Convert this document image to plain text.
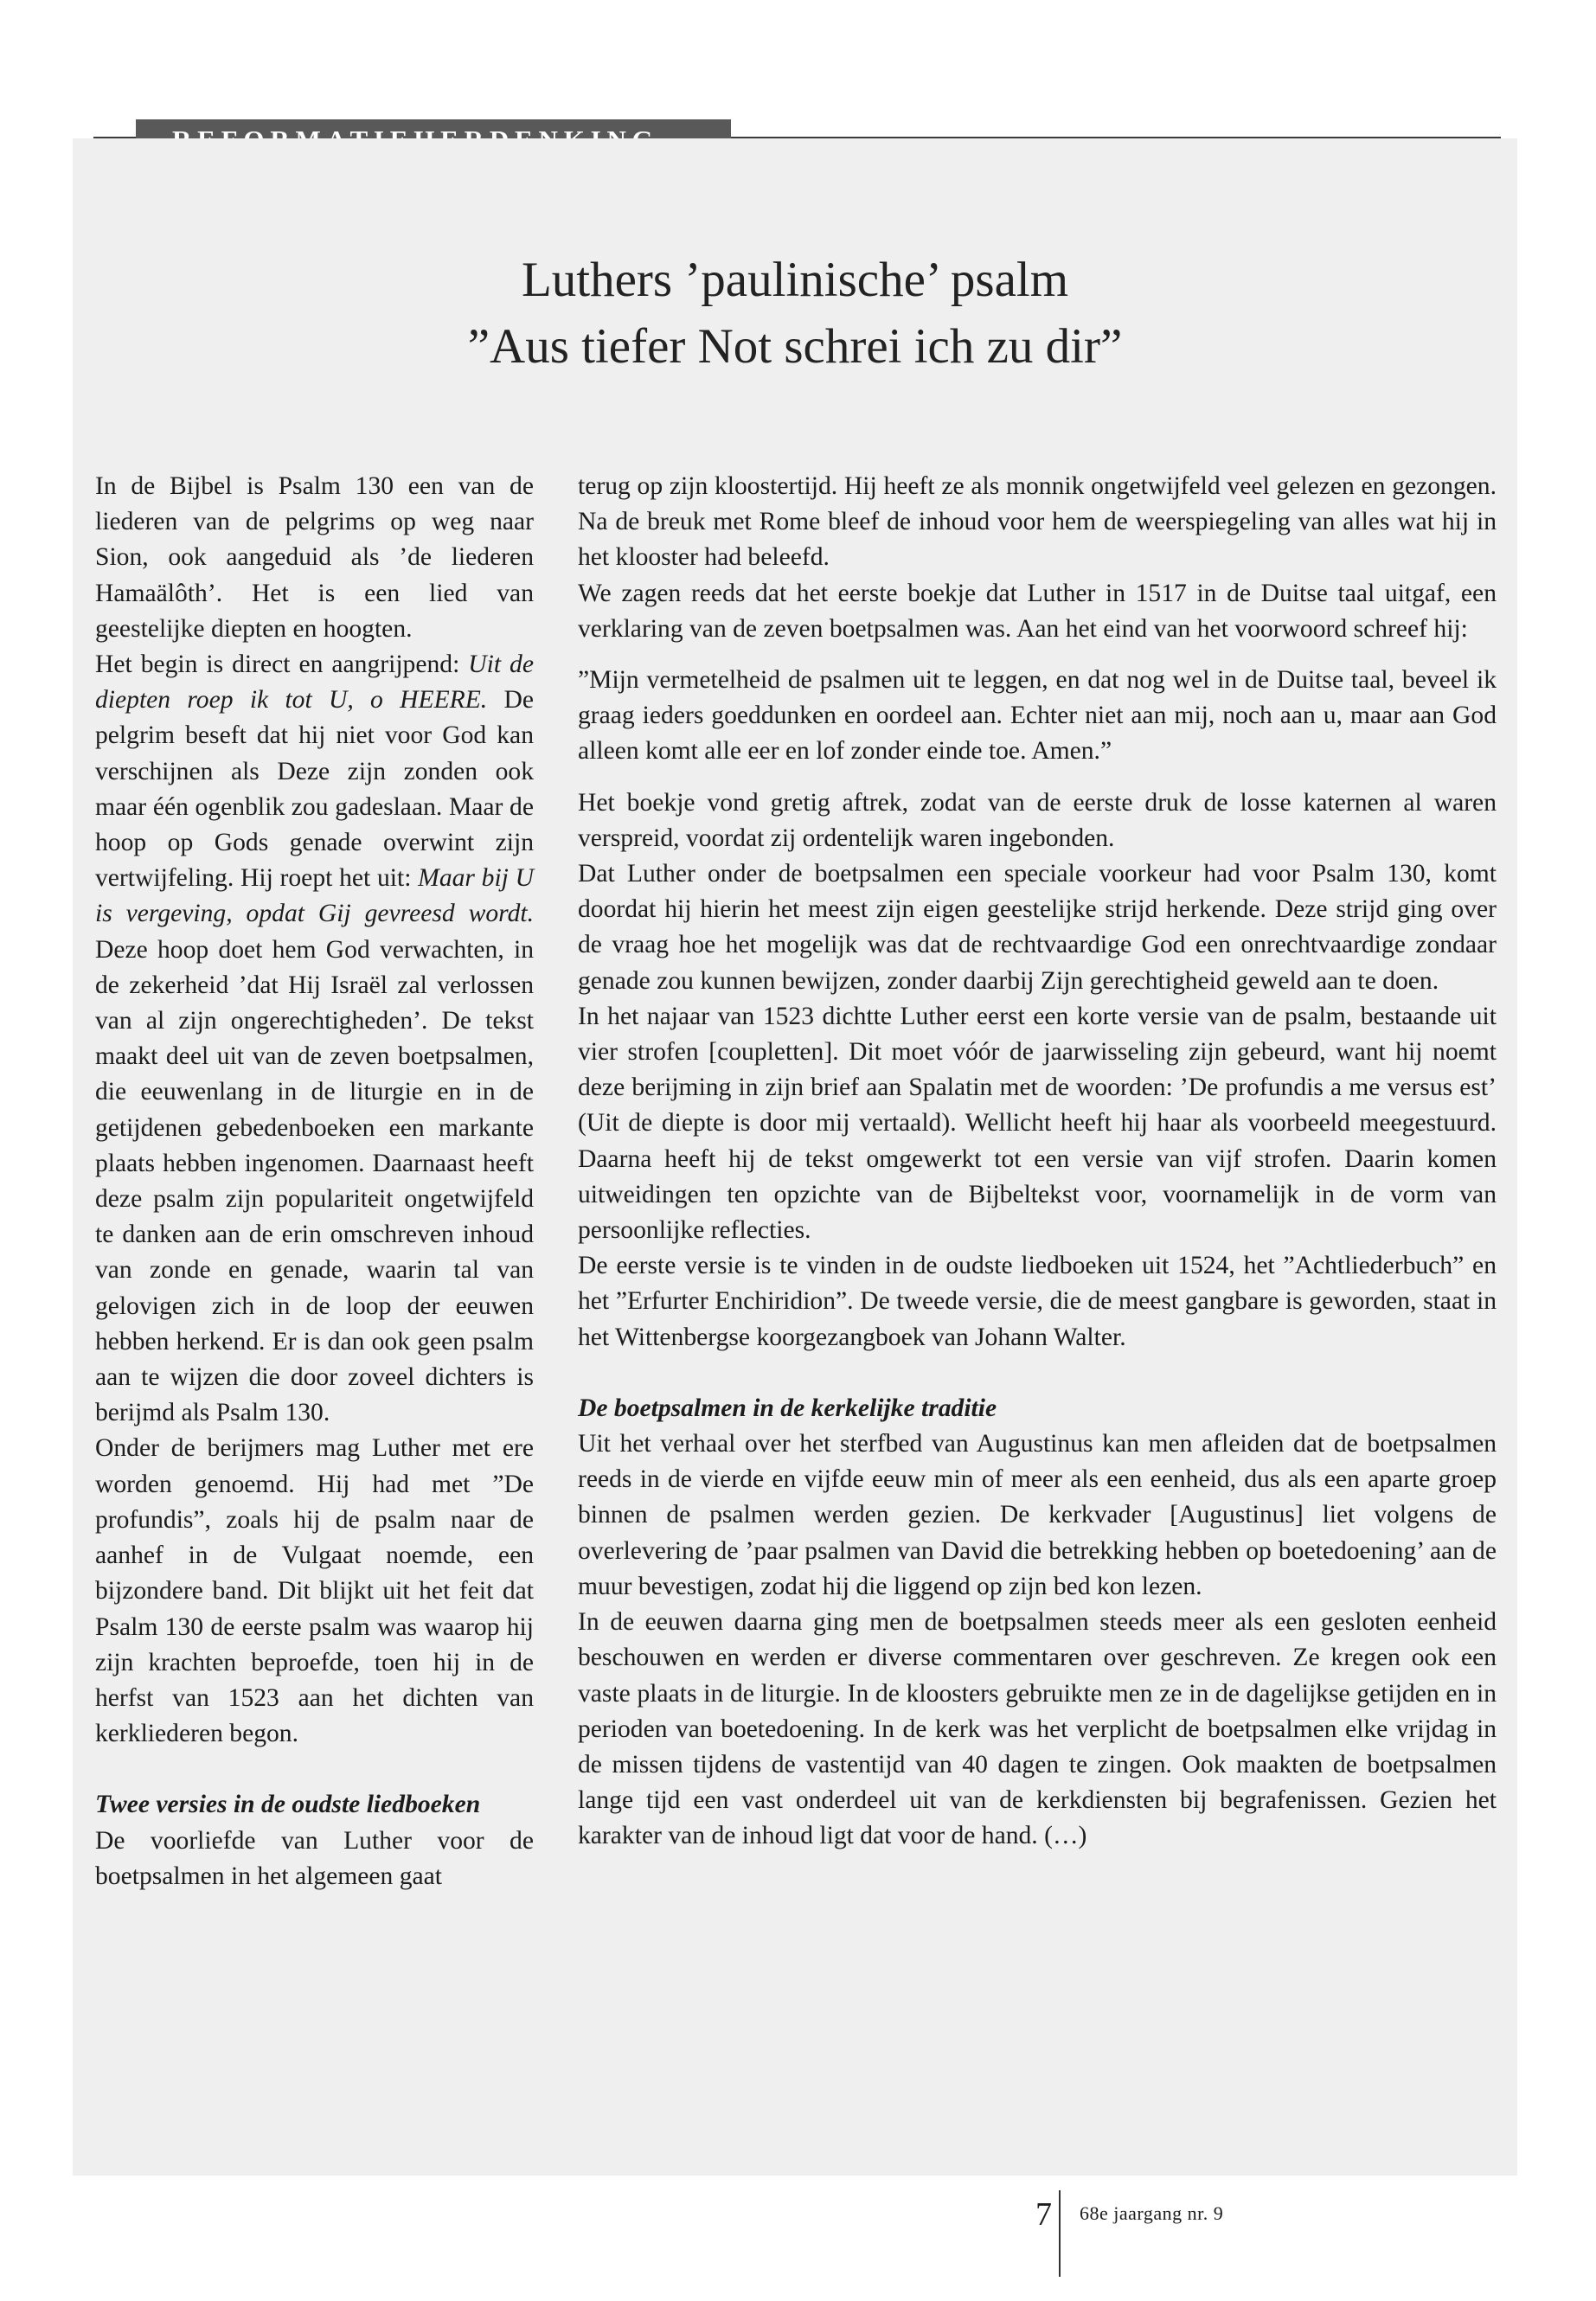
Luthers ’paulinische’ psalm
”Aus tiefer Not schrei ich zu dir”

In de Bijbel is Psalm 130 een van de liederen van de pelgrims op weg naar Sion, ook aangeduid als ’de liederen Hamaälôth’. Het is een lied van geestelijke diepten en hoogten.

Het begin is direct en aangrijpend: Uit de diepten roep ik tot U, o HEERE. De pelgrim beseft dat hij niet voor God kan verschijnen als Deze zijn zonden ook maar één ogenblik zou gadeslaan. Maar de hoop op Gods genade overwint zijn vertwijfeling. Hij roept het uit: Maar bij U is vergeving, opdat Gij gevreesd wordt. Deze hoop doet hem God verwachten, in de zekerheid ’dat Hij Israël zal verlossen van al zijn ongerechtigheden’. De tekst maakt deel uit van de zeven boetpsalmen, die eeuwenlang in de liturgie en in de getijdenen gebedenboeken een markante plaats hebben ingenomen. Daarnaast heeft deze psalm zijn populariteit ongetwijfeld te danken aan de erin omschreven inhoud van zonde en genade, waarin tal van gelovigen zich in de loop der eeuwen hebben herkend. Er is dan ook geen psalm aan te wijzen die door zoveel dichters is berijmd als Psalm 130.

Onder de berijmers mag Luther met ere worden genoemd. Hij had met ”De profundis”, zoals hij de psalm naar de aanhef in de Vulgaat noemde, een bijzondere band. Dit blijkt uit het feit dat Psalm 130 de eerste psalm was waarop hij zijn krachten beproefde, toen hij in de herfst van 1523 aan het dichten van kerkliederen begon.

Twee versies in de oudste liedboeken

De voorliefde van Luther voor de boetpsalmen in het algemeen gaat

terug op zijn kloostertijd. Hij heeft ze als monnik ongetwijfeld veel gelezen en gezongen. Na de breuk met Rome bleef de inhoud voor hem de weerspiegeling van alles wat hij in het klooster had beleefd.

We zagen reeds dat het eerste boekje dat Luther in 1517 in de Duitse taal uitgaf, een verklaring van de zeven boetpsalmen was. Aan het eind van het voorwoord schreef hij:

”Mijn vermetelheid de psalmen uit te leggen, en dat nog wel in de Duitse taal, beveel ik graag ieders goeddunken en oordeel aan. Echter niet aan mij, noch aan u, maar aan God alleen komt alle eer en lof zonder einde toe. Amen.”

Het boekje vond gretig aftrek, zodat van de eerste druk de losse katernen al waren verspreid, voordat zij ordentelijk waren ingebonden.

Dat Luther onder de boetpsalmen een speciale voorkeur had voor Psalm 130, komt doordat hij hierin het meest zijn eigen geestelijke strijd herkende. Deze strijd ging over de vraag hoe het mogelijk was dat de rechtvaardige God een onrechtvaardige zondaar genade zou kunnen bewijzen, zonder daarbij Zijn gerechtigheid geweld aan te doen.

In het najaar van 1523 dichtte Luther eerst een korte versie van de psalm, bestaande uit vier strofen [coupletten]. Dit moet vóór de jaarwisseling zijn gebeurd, want hij noemt deze berijming in zijn brief aan Spalatin met de woorden: ’De profundis a me versus est’ (Uit de diepte is door mij vertaald). Wellicht heeft hij haar als voorbeeld meegestuurd. Daarna heeft hij de tekst omgewerkt tot een versie van vijf strofen. Daarin komen uitweidingen ten opzichte van de Bijbeltekst voor, voornamelijk in de vorm van persoonlijke reflecties.

De eerste versie is te vinden in de oudste liedboeken uit 1524, het ”Achtliederbuch” en het ”Erfurter Enchiridion”. De tweede versie, die de meest gangbare is geworden, staat in het Wittenbergse koorgezangboek van Johann Walter.

De boetpsalmen in de kerkelijke traditie

Uit het verhaal over het sterfbed van Augustinus kan men afleiden dat de boetpsalmen reeds in de vierde en vijfde eeuw min of meer als een eenheid, dus als een aparte groep binnen de psalmen werden gezien. De kerkvader [Augustinus] liet volgens de overlevering de ’paar psalmen van David die betrekking hebben op boetedoening’ aan de muur bevestigen, zodat hij die liggend op zijn bed kon lezen.

In de eeuwen daarna ging men de boetpsalmen steeds meer als een gesloten eenheid beschouwen en werden er diverse commentaren over geschreven. Ze kregen ook een vaste plaats in de liturgie. In de kloosters gebruikte men ze in de dagelijkse getijden en in perioden van boetedoening. In de kerk was het verplicht de boetpsalmen elke vrijdag in de missen tijdens de vastentijd van 40 dagen te zingen. Ook maakten de boetpsalmen lange tijd een vast onderdeel uit van de kerkdiensten bij begrafenissen. Gezien het karakter van de inhoud ligt dat voor de hand. (…)

7 68e jaargang nr. 9
